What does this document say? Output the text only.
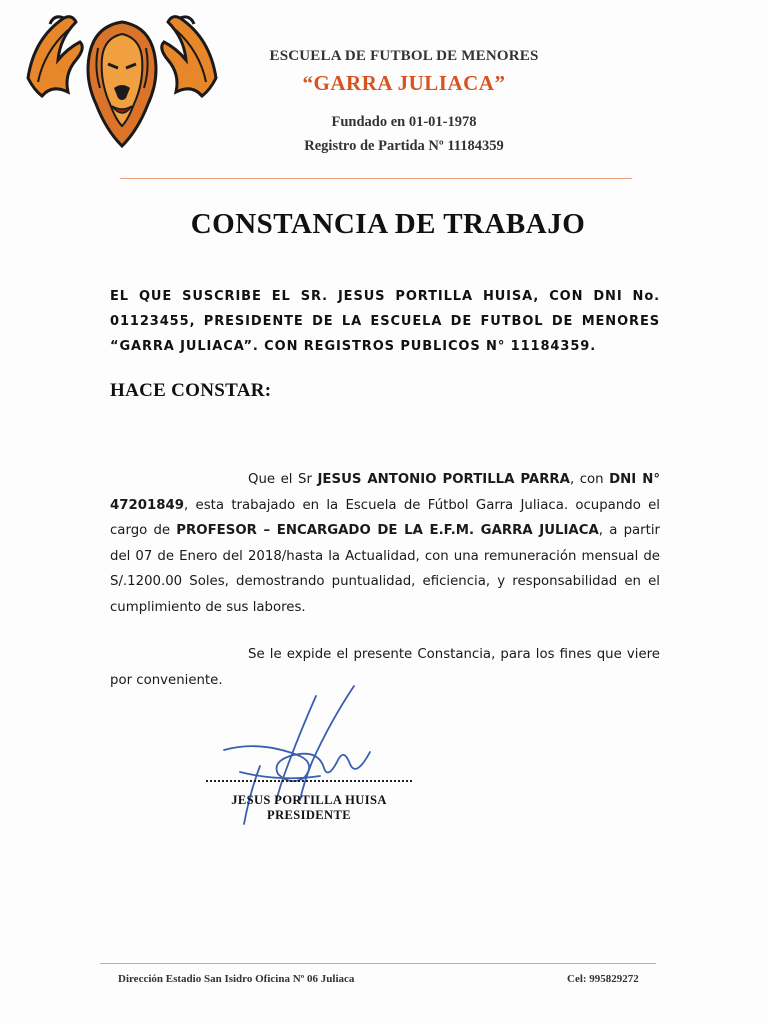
ESCUELA DE FUTBOL DE MENORES
“GARRA JULIACA”
Fundado en 01-01-1978
Registro de Partida Nº 11184359
CONSTANCIA DE TRABAJO
EL QUE SUSCRIBE EL SR. JESUS PORTILLA HUISA, CON DNI No. 01123455, PRESIDENTE DE LA ESCUELA DE FUTBOL DE MENORES “GARRA JULIACA”. CON REGISTROS PUBLICOS N° 11184359.
HACE CONSTAR:
Que el Sr JESUS ANTONIO PORTILLA PARRA, con DNI N° 47201849, esta trabajado en la Escuela de Fútbol Garra Juliaca. ocupando el cargo de PROFESOR – ENCARGADO DE LA E.F.M. GARRA JULIACA, a partir del 07 de Enero del 2018/hasta la Actualidad, con una remuneración mensual de S/.1200.00 Soles, demostrando puntualidad, eficiencia, y responsabilidad en el cumplimiento de sus labores.
Se le expide el presente Constancia, para los fines que viere por conveniente.
JESUS PORTILLA HUISA
PRESIDENTE
Dirección Estadio San Isidro Oficina Nº 06 Juliaca	Cel: 995829272
